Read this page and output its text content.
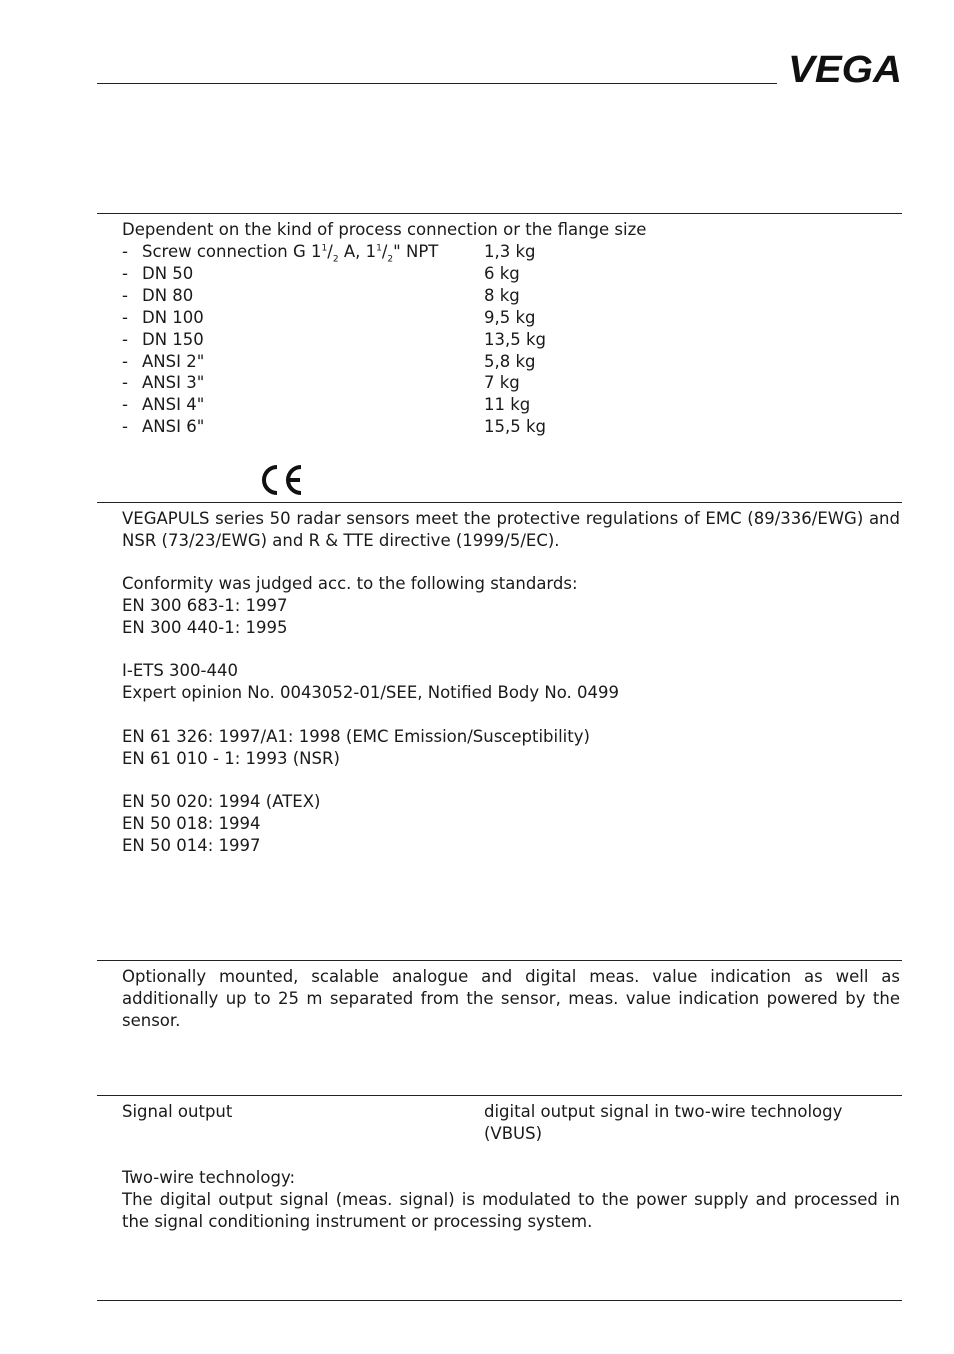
VEGA
Dependent on the kind of process connection or the flange size
- Screw connection G $1^1/_2$ A, $1^1/_2$" NPT	1,3 kg
- DN 50	6 kg
- DN 80	8 kg
- DN 100	9,5 kg
- DN 150	13,5 kg
- ANSI 2"	5,8 kg
- ANSI 3"	7 kg
- ANSI 4"	11 kg
- ANSI 6"	15,5 kg
VEGAPULS series 50 radar sensors meet the protective regulations of EMC (89/336/EWG) and NSR (73/23/EWG) and R & TTE directive (1999/5/EC).
Conformity was judged acc. to the following standards:
EN 300 683-1: 1997
EN 300 440-1: 1995
I-ETS 300-440
Expert opinion No. 0043052-01/SEE, Notified Body No. 0499
EN 61 326: 1997/A1: 1998 (EMC Emission/Susceptibility)
EN 61 010 - 1: 1993 (NSR)
EN 50 020: 1994 (ATEX)
EN 50 018: 1994
EN 50 014: 1997
Optionally mounted, scalable analogue and digital meas. value indication as well as additionally up to 25 m separated from the sensor, meas. value indication powered by the sensor.
Signal output	digital output signal in two-wire technology
(VBUS)
Two-wire technology:
The digital output signal (meas. signal) is modulated to the power supply and processed in the signal conditioning instrument or processing system.
